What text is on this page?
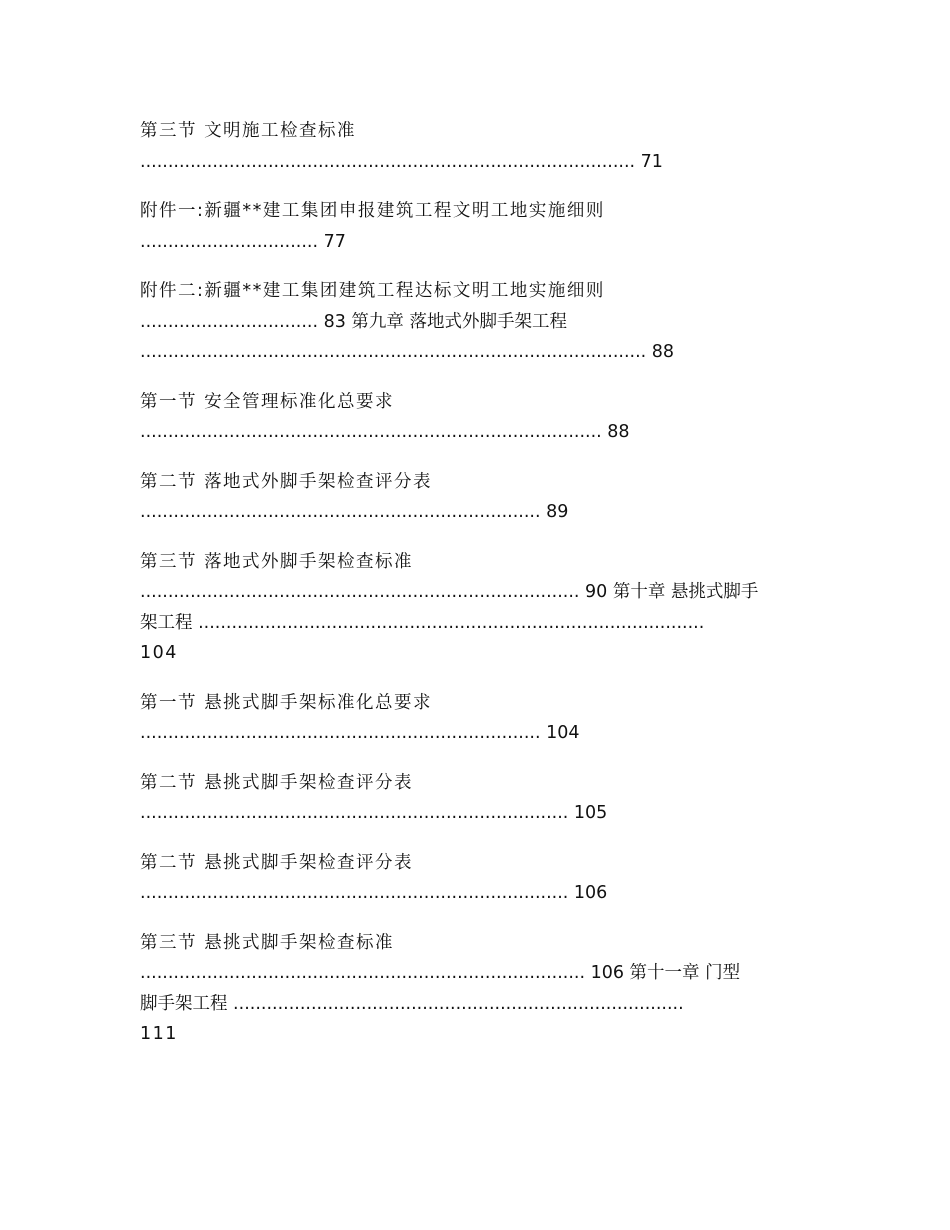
第三节 文明施工检查标准
......................................................................................... 71
附件一:新疆**建工集团申报建筑工程文明工地实施细则
................................ 77
附件二:新疆**建工集团建筑工程达标文明工地实施细则
................................ 83 第九章 落地式外脚手架工程
........................................................................................... 88
第一节 安全管理标准化总要求
................................................................................... 88
第二节 落地式外脚手架检查评分表
........................................................................ 89
第三节 落地式外脚手架检查标准
............................................................................... 90 第十章 悬挑式脚手
架工程 ...........................................................................................
104
第一节 悬挑式脚手架标准化总要求
........................................................................ 104
第二节 悬挑式脚手架检查评分表
............................................................................. 105
第二节 悬挑式脚手架检查评分表
............................................................................. 106
第三节 悬挑式脚手架检查标准
................................................................................ 106 第十一章 门型
脚手架工程 .................................................................................
111
